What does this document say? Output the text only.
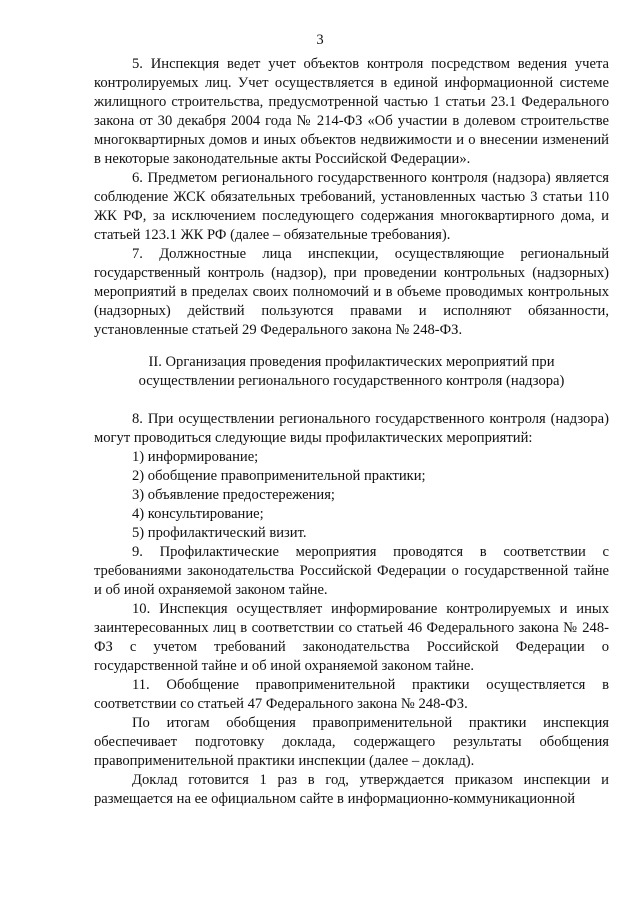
3

5. Инспекция ведет учет объектов контроля посредством ведения учета контролируемых лиц. Учет осуществляется в единой информационной системе жилищного строительства, предусмотренной частью 1 статьи 23.1 Федерального закона от 30 декабря 2004 года № 214-ФЗ «Об участии в долевом строительстве многоквартирных домов и иных объектов недвижимости и о внесении изменений в некоторые законодательные акты Российской Федерации».

6. Предметом регионального государственного контроля (надзора) является соблюдение ЖСК обязательных требований, установленных частью 3 статьи 110 ЖК РФ, за исключением последующего содержания многоквартирного дома, и статьей 123.1 ЖК РФ (далее – обязательные требования).

7. Должностные лица инспекции, осуществляющие региональный государственный контроль (надзор), при проведении контрольных (надзорных) мероприятий в пределах своих полномочий и в объеме проводимых контрольных (надзорных) действий пользуются правами и исполняют обязанности, установленные статьей 29 Федерального закона № 248-ФЗ.

II. Организация проведения профилактических мероприятий при осуществлении регионального государственного контроля (надзора)

8. При осуществлении регионального государственного контроля (надзора) могут проводиться следующие виды профилактических мероприятий:

1) информирование;

2) обобщение правоприменительной практики;

3) объявление предостережения;

4) консультирование;

5) профилактический визит.

9. Профилактические мероприятия проводятся в соответствии с требованиями законодательства Российской Федерации о государственной тайне и об иной охраняемой законом тайне.

10. Инспекция осуществляет информирование контролируемых и иных заинтересованных лиц в соответствии со статьей 46 Федерального закона № 248-ФЗ с учетом требований законодательства Российской Федерации о государственной тайне и об иной охраняемой законом тайне.

11. Обобщение правоприменительной практики осуществляется в соответствии со статьей 47 Федерального закона № 248-ФЗ.

По итогам обобщения правоприменительной практики инспекция обеспечивает подготовку доклада, содержащего результаты обобщения правоприменительной практики инспекции (далее – доклад).

Доклад готовится 1 раз в год, утверждается приказом инспекции и размещается на ее официальном сайте в информационно-коммуникационной
